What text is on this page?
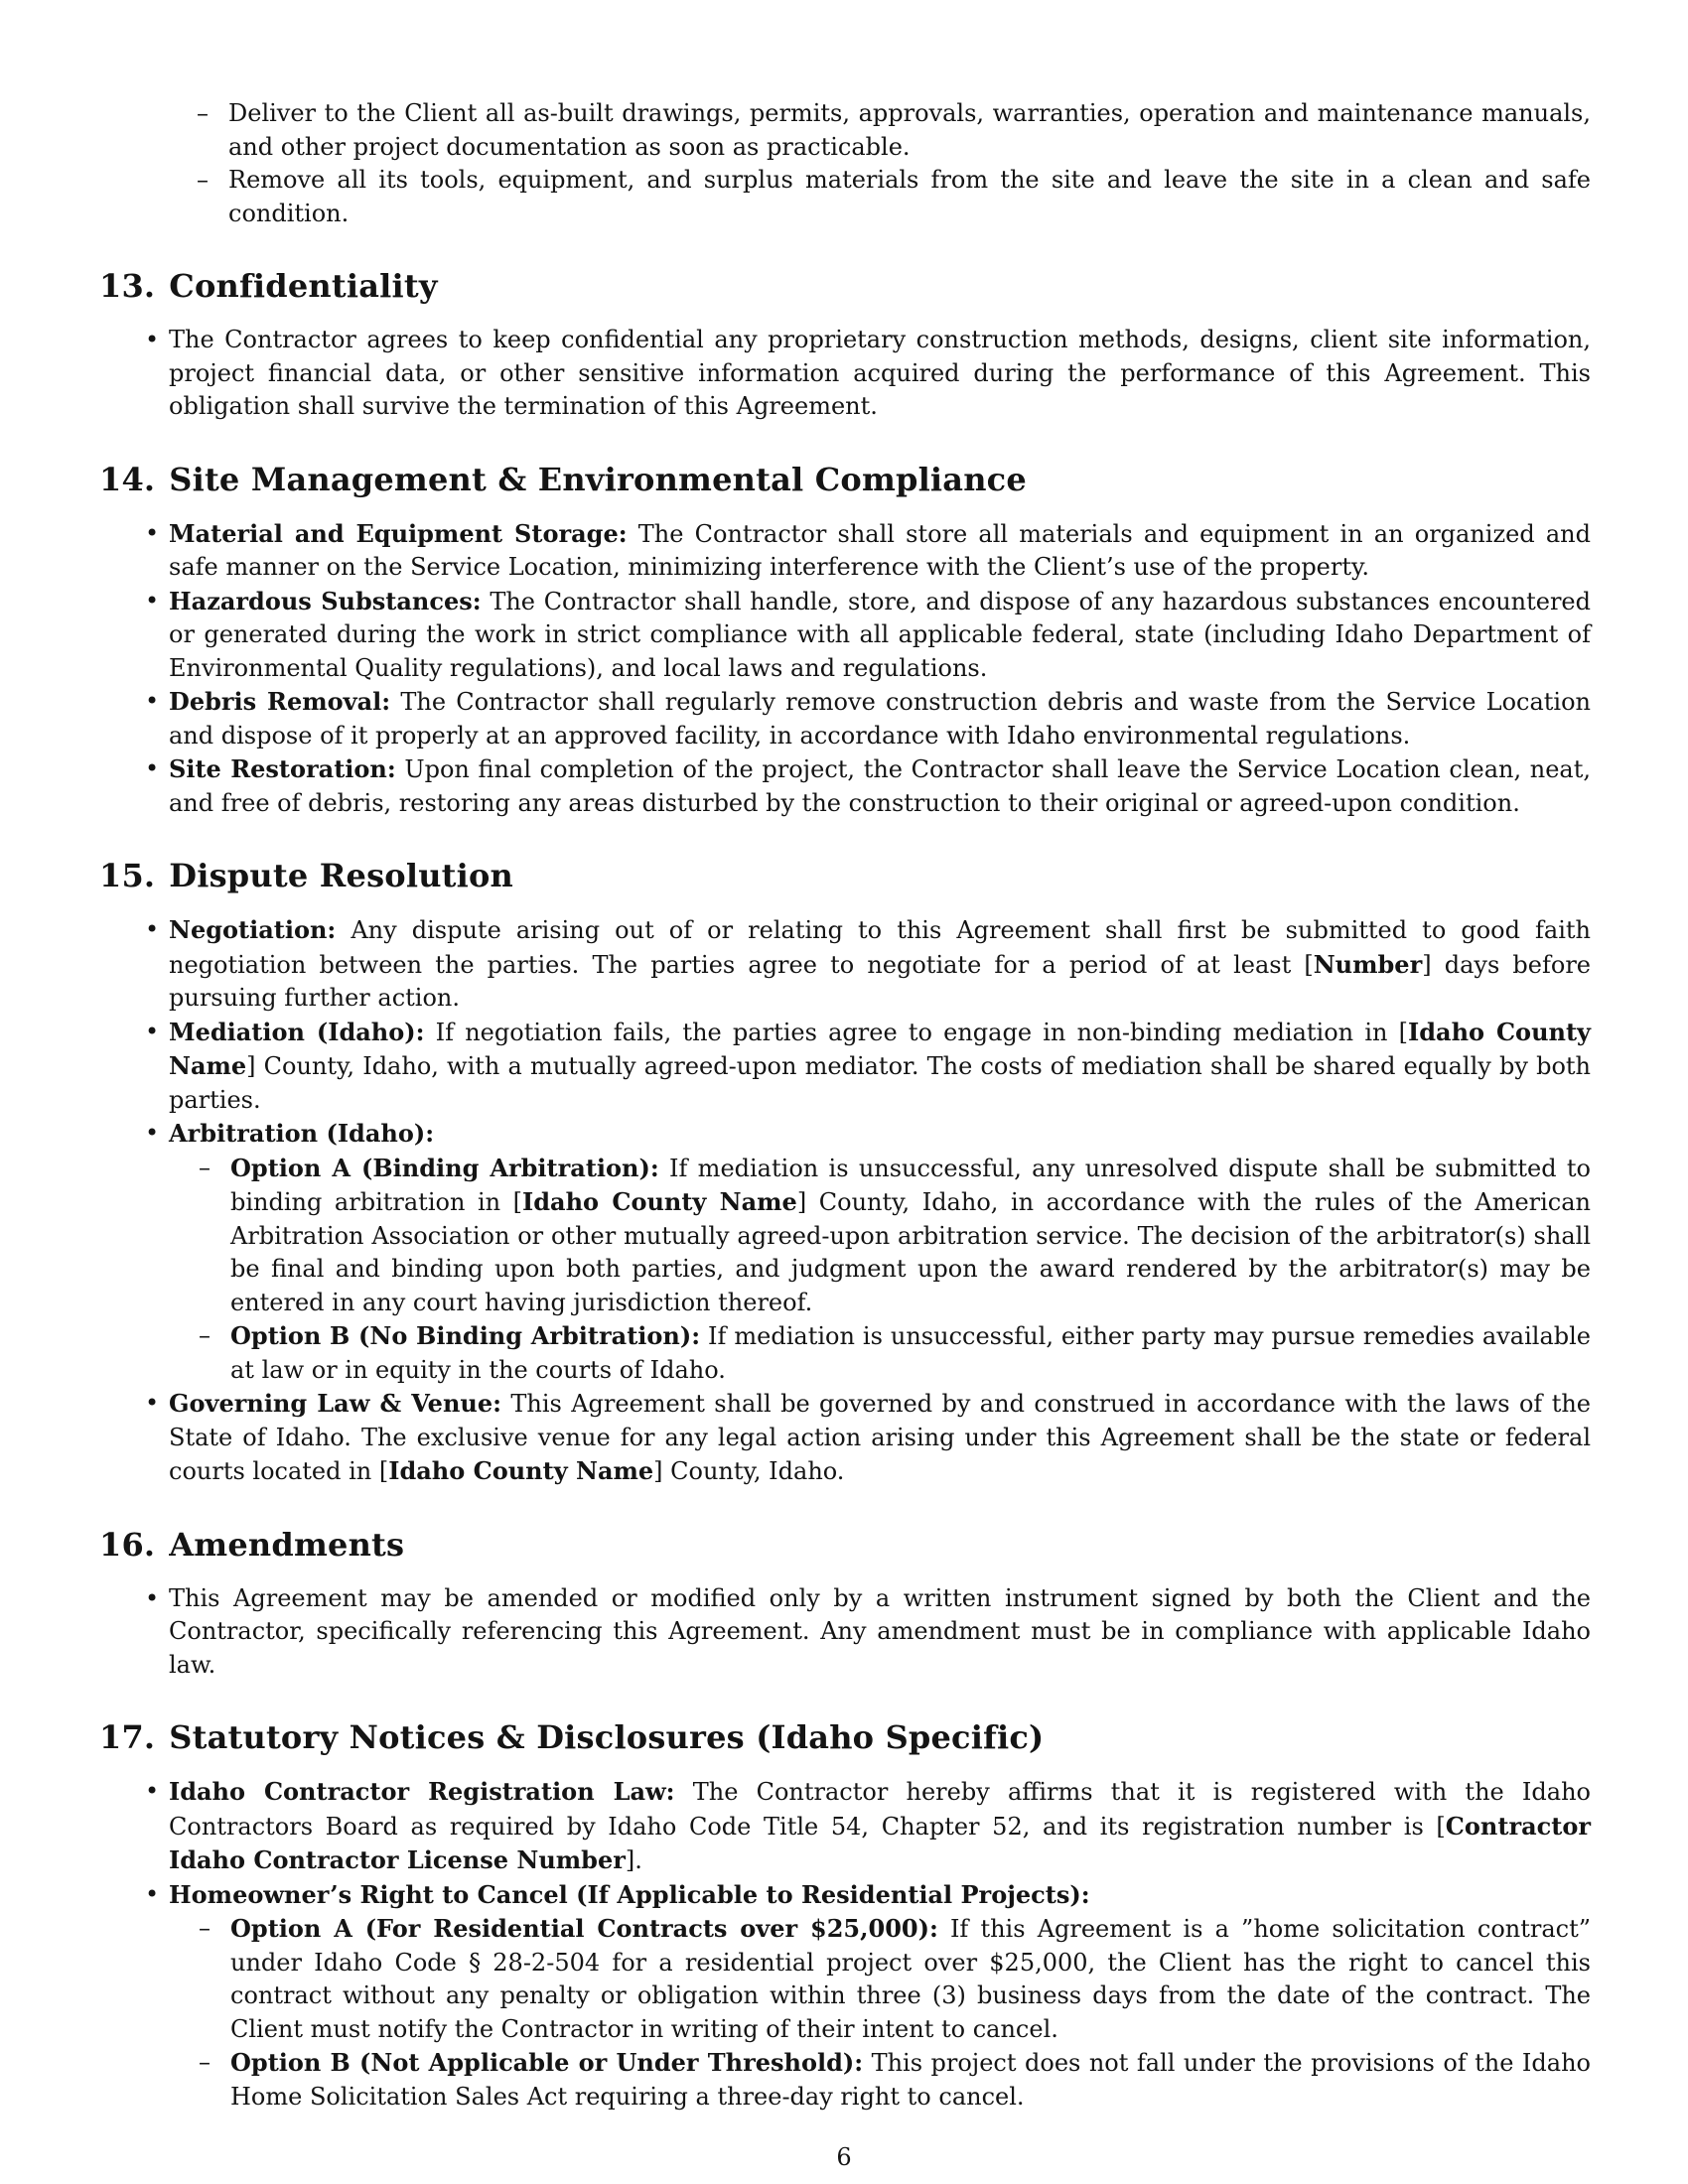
– Deliver to the Client all as-built drawings, permits, approvals, warranties, operation and maintenance manuals, and other project documentation as soon as practicable.
– Remove all its tools, equipment, and surplus materials from the site and leave the site in a clean and safe condition.
13. Confidentiality
• The Contractor agrees to keep confidential any proprietary construction methods, designs, client site information, project financial data, or other sensitive information acquired during the performance of this Agreement. This obligation shall survive the termination of this Agreement.
14. Site Management & Environmental Compliance
• Material and Equipment Storage: The Contractor shall store all materials and equipment in an organized and safe manner on the Service Location, minimizing interference with the Client’s use of the property.
• Hazardous Substances: The Contractor shall handle, store, and dispose of any hazardous substances encountered or generated during the work in strict compliance with all applicable federal, state (including Idaho Department of Environmental Quality regulations), and local laws and regulations.
• Debris Removal: The Contractor shall regularly remove construction debris and waste from the Service Location and dispose of it properly at an approved facility, in accordance with Idaho environmental regulations.
• Site Restoration: Upon final completion of the project, the Contractor shall leave the Service Location clean, neat, and free of debris, restoring any areas disturbed by the construction to their original or agreed-upon condition.
15. Dispute Resolution
• Negotiation: Any dispute arising out of or relating to this Agreement shall first be submitted to good faith negotiation between the parties. The parties agree to negotiate for a period of at least [Number] days before pursuing further action.
• Mediation (Idaho): If negotiation fails, the parties agree to engage in non-binding mediation in [Idaho County Name] County, Idaho, with a mutually agreed-upon mediator. The costs of mediation shall be shared equally by both parties.
• Arbitration (Idaho):
– Option A (Binding Arbitration): If mediation is unsuccessful, any unresolved dispute shall be submitted to binding arbitration in [Idaho County Name] County, Idaho, in accordance with the rules of the American Arbitration Association or other mutually agreed-upon arbitration service. The decision of the arbitrator(s) shall be final and binding upon both parties, and judgment upon the award rendered by the arbitrator(s) may be entered in any court having jurisdiction thereof.
– Option B (No Binding Arbitration): If mediation is unsuccessful, either party may pursue remedies available at law or in equity in the courts of Idaho.
• Governing Law & Venue: This Agreement shall be governed by and construed in accordance with the laws of the State of Idaho. The exclusive venue for any legal action arising under this Agreement shall be the state or federal courts located in [Idaho County Name] County, Idaho.
16. Amendments
• This Agreement may be amended or modified only by a written instrument signed by both the Client and the Contractor, specifically referencing this Agreement. Any amendment must be in compliance with applicable Idaho law.
17. Statutory Notices & Disclosures (Idaho Specific)
• Idaho Contractor Registration Law: The Contractor hereby affirms that it is registered with the Idaho Contractors Board as required by Idaho Code Title 54, Chapter 52, and its registration number is [Contractor Idaho Contractor License Number].
• Homeowner’s Right to Cancel (If Applicable to Residential Projects):
– Option A (For Residential Contracts over $25,000): If this Agreement is a ”home solicitation contract” under Idaho Code § 28-2-504 for a residential project over $25,000, the Client has the right to cancel this contract without any penalty or obligation within three (3) business days from the date of the contract. The Client must notify the Contractor in writing of their intent to cancel.
– Option B (Not Applicable or Under Threshold): This project does not fall under the provisions of the Idaho Home Solicitation Sales Act requiring a three-day right to cancel.
6
